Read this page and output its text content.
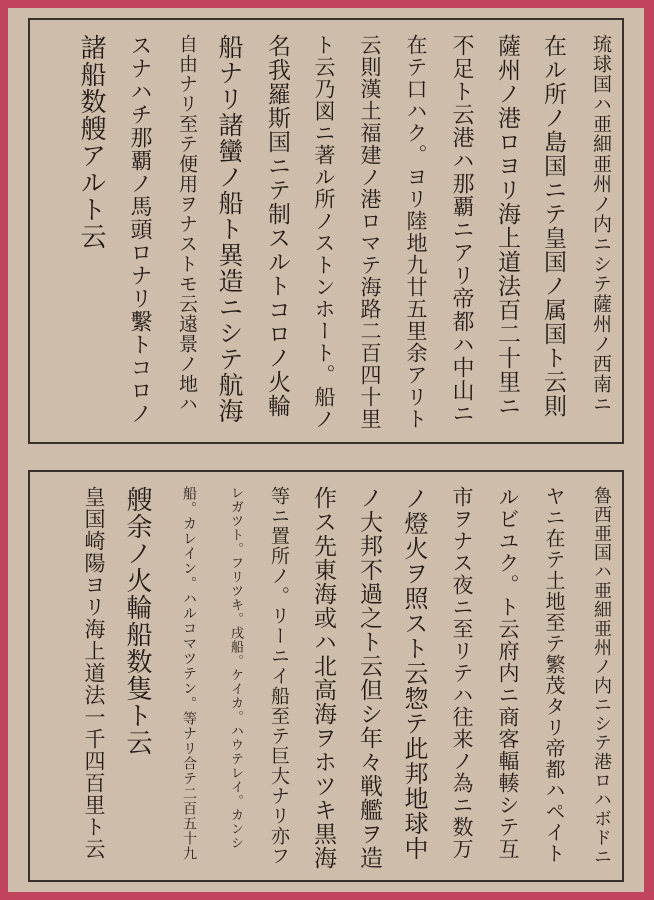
琉球国ハ亜細亜州ノ内ニシテ薩州ノ西南ニ
在ル所ノ島国ニテ皇国ノ属国ト云則
薩州ノ港ロヨリ海上道法百二十里ニ
不足ト云港ハ那覇ニアリ帝都ハ中山ニ
在テ口ハク。ヨリ陸地九廿五里余アリト
云則漢土福建ノ港ロマテ海路二百四十里
ト云乃図ニ著ル所ノストンホート。船ノ
名我羅斯国ニテ制スルトコロノ火輪
船ナリ諸蠻ノ船ト異造ニシテ航海
自由ナリ至テ便用ヲナストモ云遠景ノ地ハ
スナハチ那覇ノ馬頭ロナリ繫トコロノ
諸船数艘アルト云
魯西亜国ハ亜細亜州ノ内ニシテ港ロハボドニ
ヤニ在テ土地至テ繁茂タリ帝都ハペイト
ルビユク。ト云府内ニ商客輻輳シテ互
市ヲナス夜ニ至リテハ往来ノ為ニ数万
ノ燈火ヲ照スト云惣テ此邦地球中
ノ大邦不過之ト云但シ年々戦艦ヲ造
作ス先東海或ハ北高海ヲホツキ黒海
等ニ置所ノ。リーニイ船至テ巨大ナリ亦フ
レガツト。フリツキ。戌船。ケイカ。ハウテレイ。カンシ
船。カレイン。ハルコマツテン。等ナリ合テ二百五十九
艘余ノ火輪船数隻ト云
皇国崎陽ヨリ海上道法一千四百里ト云
